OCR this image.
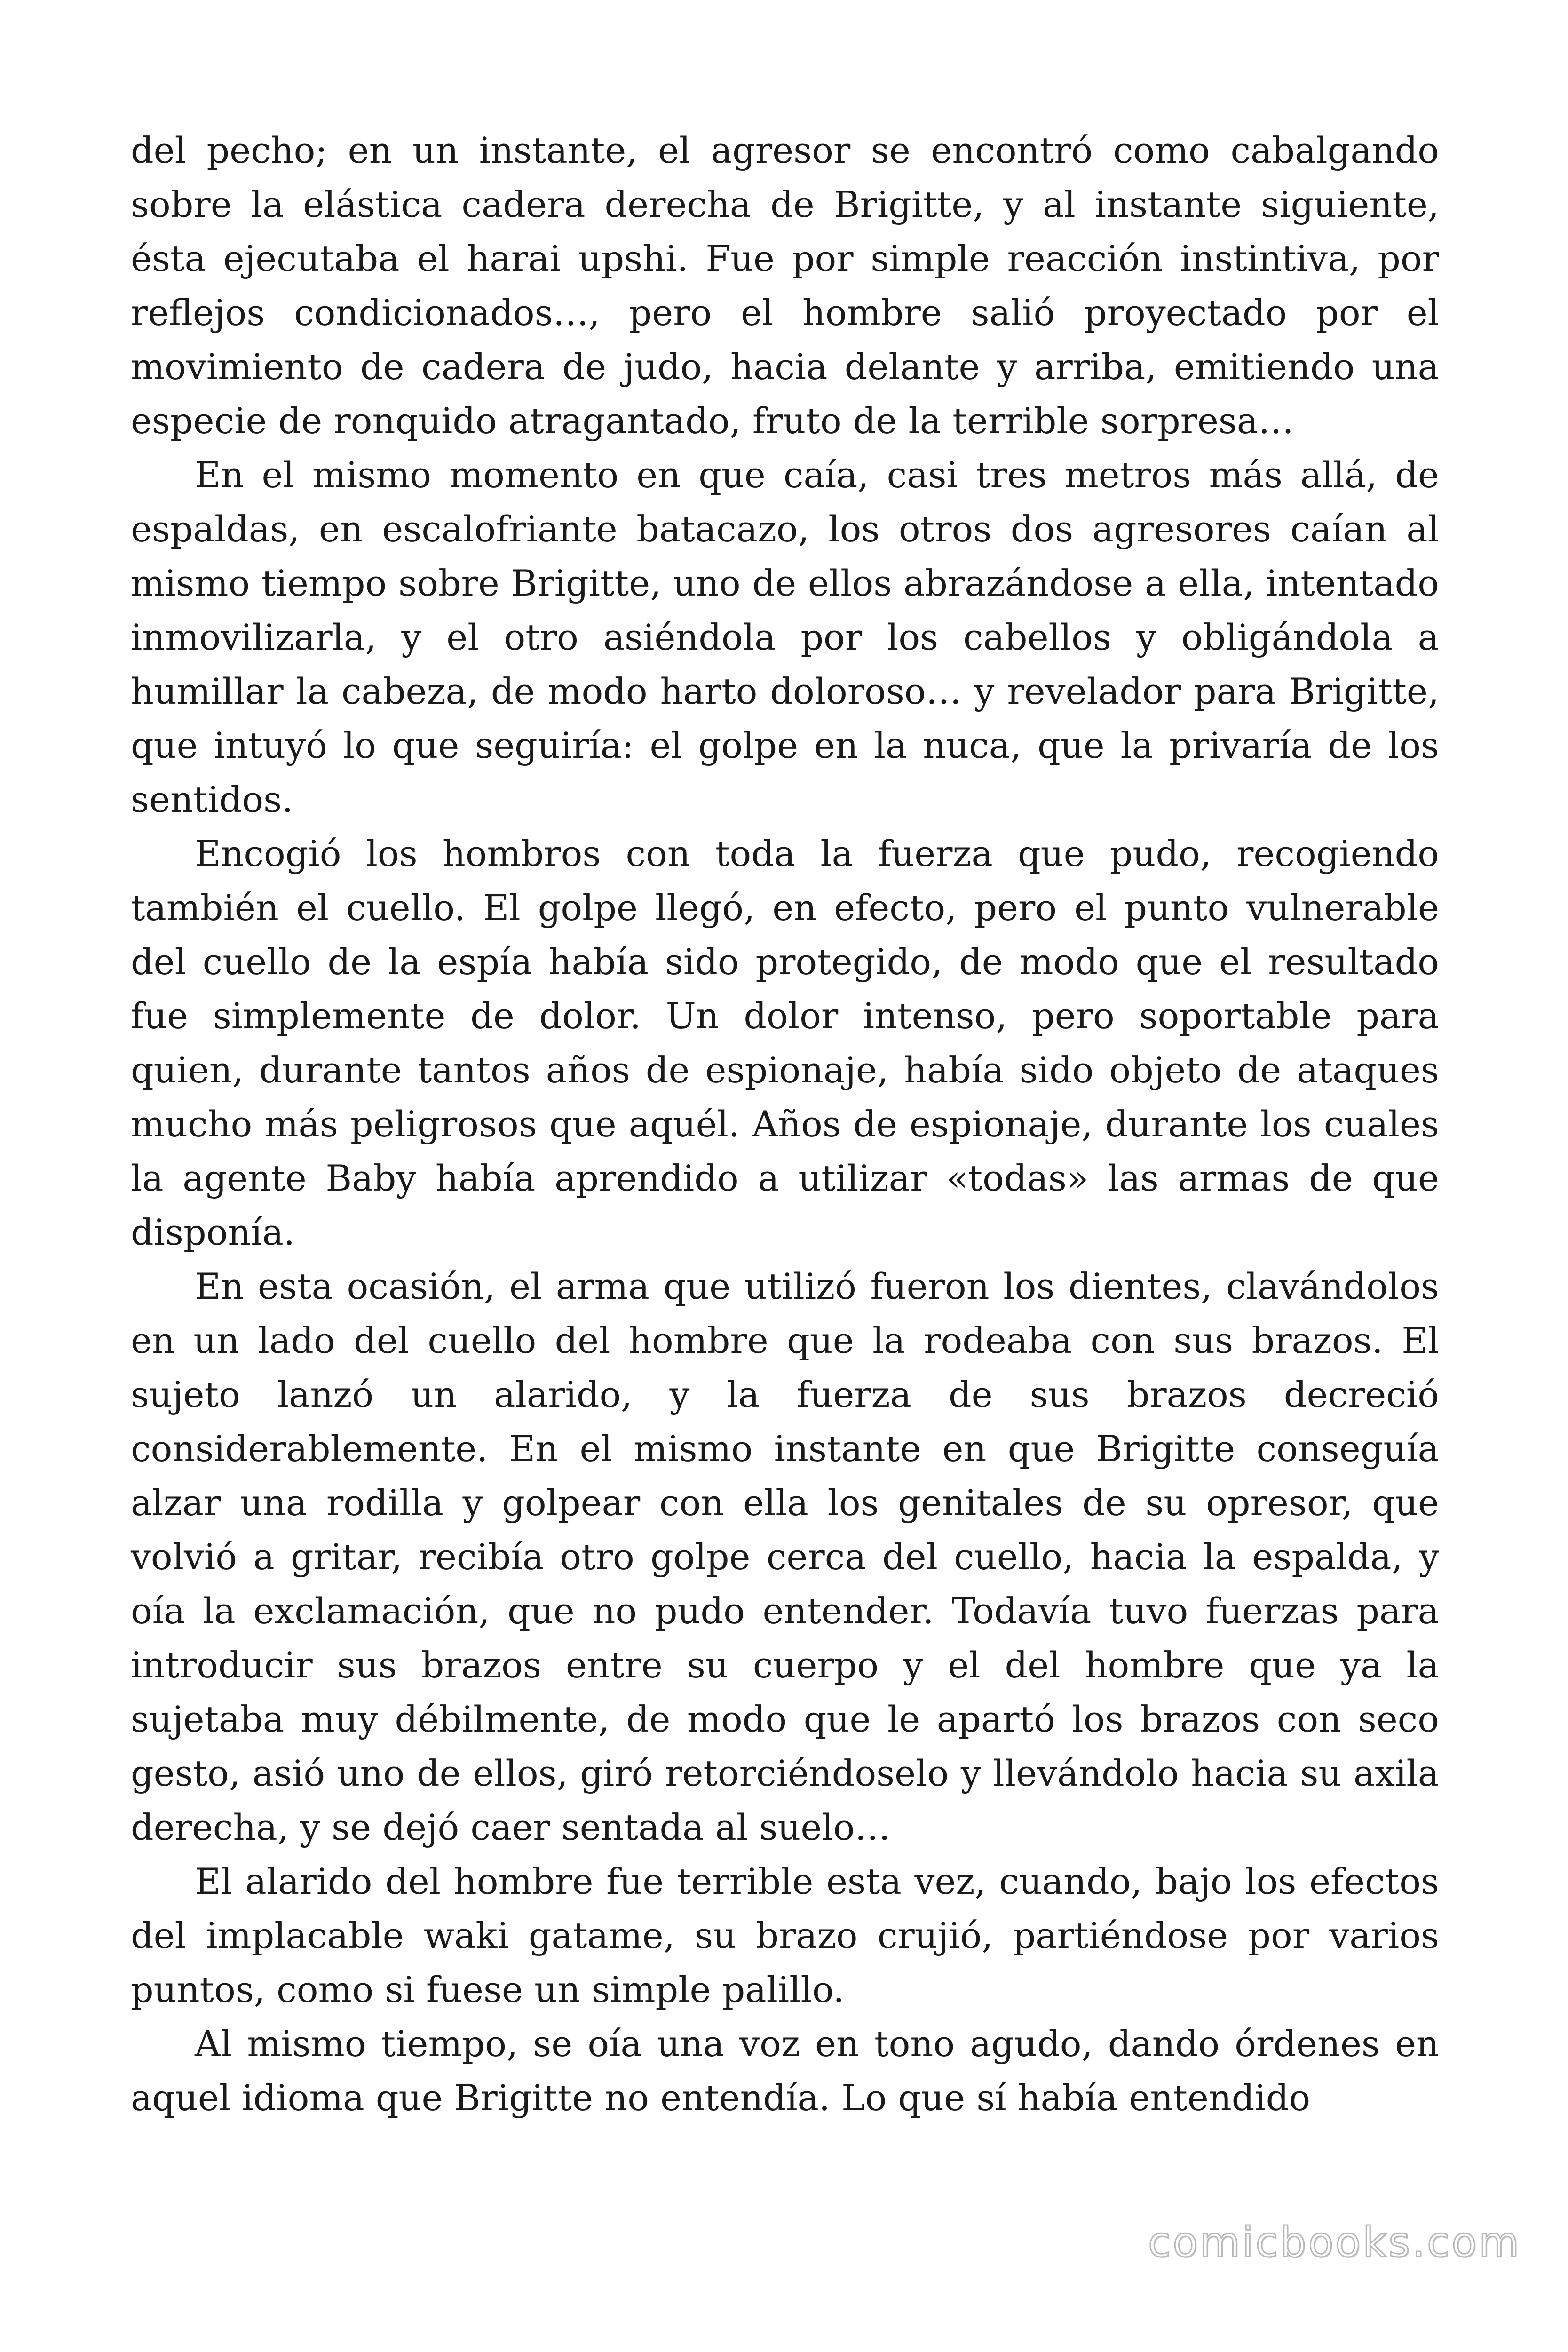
del pecho; en un instante, el agresor se encontró como cabalgando sobre la elástica cadera derecha de Brigitte, y al instante siguiente, ésta ejecutaba el harai upshi. Fue por simple reacción instintiva, por reflejos condicionados…, pero el hombre salió proyectado por el movimiento de cadera de judo, hacia delante y arriba, emitiendo una especie de ronquido atragantado, fruto de la terrible sorpresa…

En el mismo momento en que caía, casi tres metros más allá, de espaldas, en escalofriante batacazo, los otros dos agresores caían al mismo tiempo sobre Brigitte, uno de ellos abrazándose a ella, intentado inmovilizarla, y el otro asiéndola por los cabellos y obligándola a humillar la cabeza, de modo harto doloroso… y revelador para Brigitte, que intuyó lo que seguiría: el golpe en la nuca, que la privaría de los sentidos.

Encogió los hombros con toda la fuerza que pudo, recogiendo también el cuello. El golpe llegó, en efecto, pero el punto vulnerable del cuello de la espía había sido protegido, de modo que el resultado fue simplemente de dolor. Un dolor intenso, pero soportable para quien, durante tantos años de espionaje, había sido objeto de ataques mucho más peligrosos que aquél. Años de espionaje, durante los cuales la agente Baby había aprendido a utilizar «todas» las armas de que disponía.

En esta ocasión, el arma que utilizó fueron los dientes, clavándolos en un lado del cuello del hombre que la rodeaba con sus brazos. El sujeto lanzó un alarido, y la fuerza de sus brazos decreció considerablemente. En el mismo instante en que Brigitte conseguía alzar una rodilla y golpear con ella los genitales de su opresor, que volvió a gritar, recibía otro golpe cerca del cuello, hacia la espalda, y oía la exclamación, que no pudo entender. Todavía tuvo fuerzas para introducir sus brazos entre su cuerpo y el del hombre que ya la sujetaba muy débilmente, de modo que le apartó los brazos con seco gesto, asió uno de ellos, giró retorciéndoselo y llevándolo hacia su axila derecha, y se dejó caer sentada al suelo…

El alarido del hombre fue terrible esta vez, cuando, bajo los efectos del implacable waki gatame, su brazo crujió, partiéndose por varios puntos, como si fuese un simple palillo.

Al mismo tiempo, se oía una voz en tono agudo, dando órdenes en aquel idioma que Brigitte no entendía. Lo que sí había entendido

comicbooks.com
